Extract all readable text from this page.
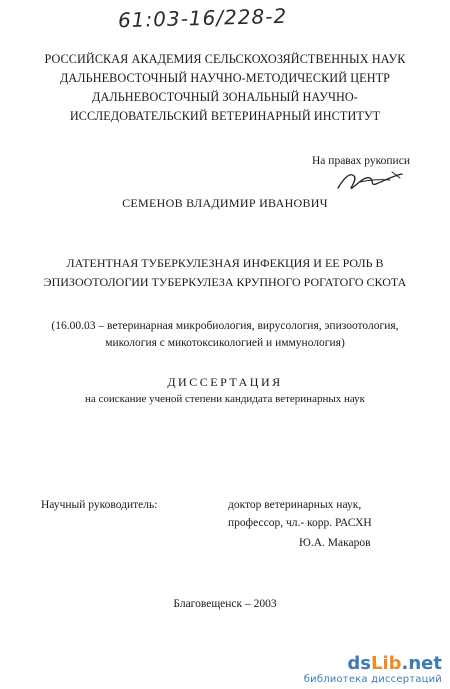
61:03-16/228-2
РОССИЙСКАЯ АКАДЕМИЯ СЕЛЬСКОХОЗЯЙСТВЕННЫХ НАУК
ДАЛЬНЕВОСТОЧНЫЙ НАУЧНО-МЕТОДИЧЕСКИЙ ЦЕНТР
ДАЛЬНЕВОСТОЧНЫЙ ЗОНАЛЬНЫЙ НАУЧНО-
ИССЛЕДОВАТЕЛЬСКИЙ ВЕТЕРИНАРНЫЙ ИНСТИТУТ
На правах рукописи
СЕМЕНОВ ВЛАДИМИР ИВАНОВИЧ
ЛАТЕНТНАЯ ТУБЕРКУЛЕЗНАЯ ИНФЕКЦИЯ И ЕЕ РОЛЬ В
ЭПИЗООТОЛОГИИ ТУБЕРКУЛЕЗА КРУПНОГО РОГАТОГО СКОТА
(16.00.03 – ветеринарная микробиология, вирусология, эпизоотология,
микология с микотоксикологией и иммунология)
ДИССЕРТАЦИЯ
на соискание ученой степени кандидата ветеринарных наук
Научный руководитель:	доктор ветеринарных наук,
профессор, чл.- корр. РАСХН
Ю.А. Макаров
Благовещенск – 2003
dsLib.net
библиотека диссертаций
